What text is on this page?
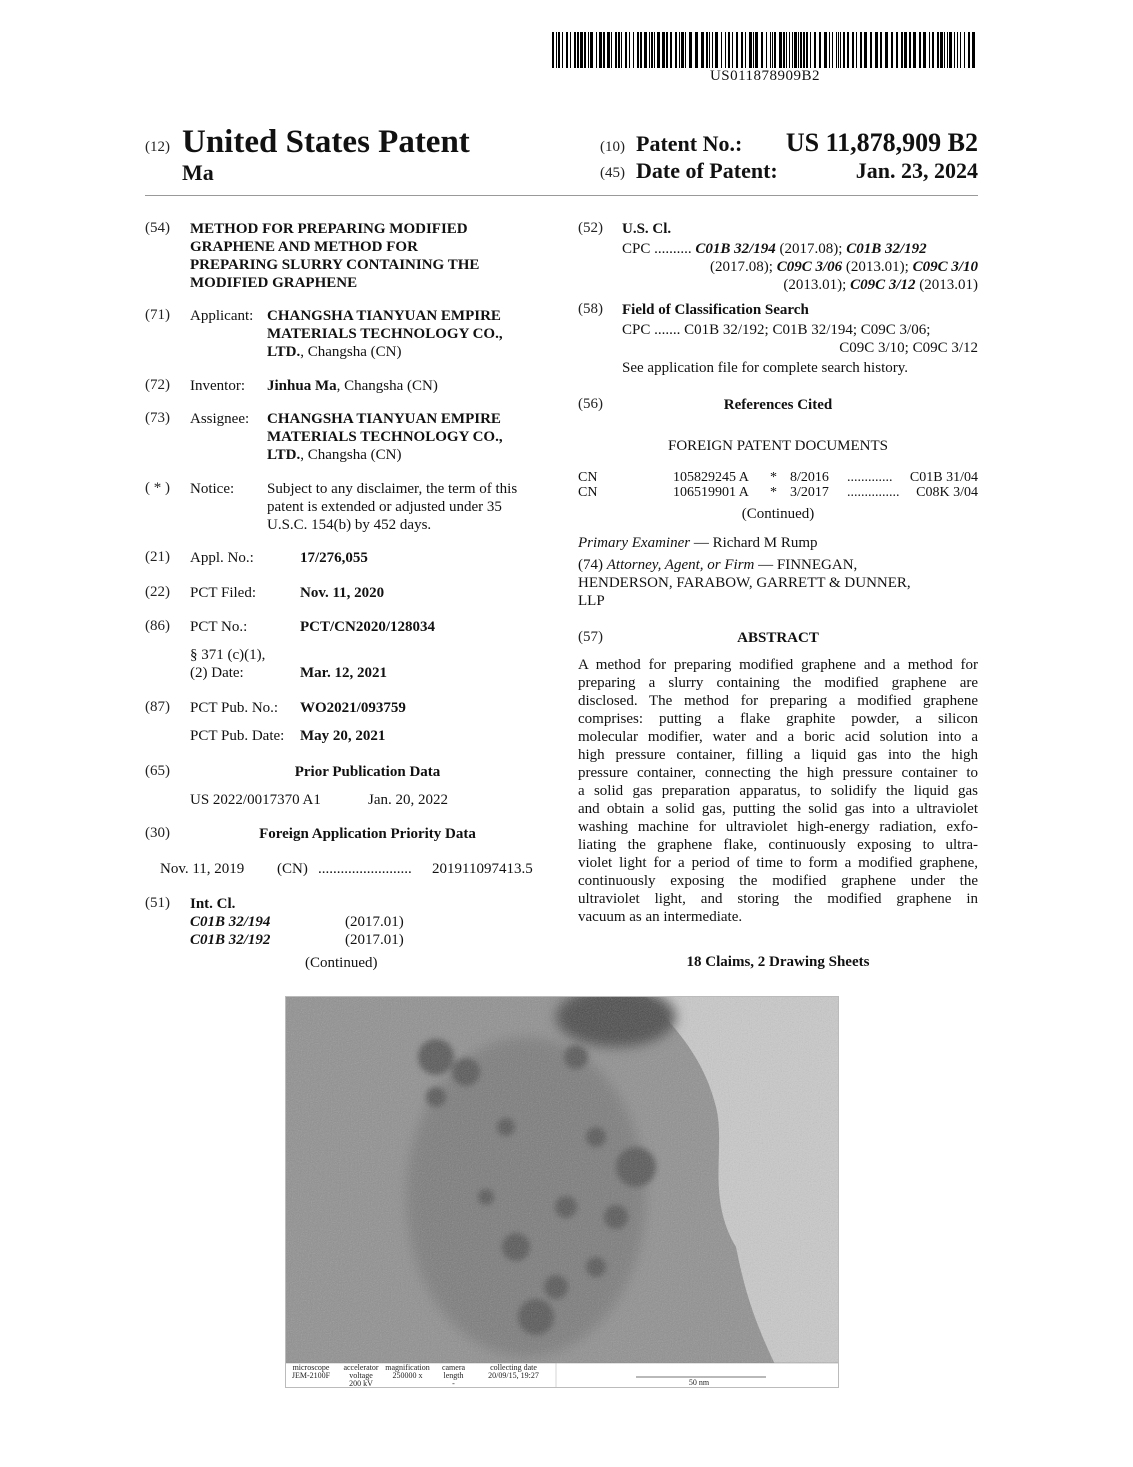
US011878909B2
(12) United States Patent
Ma
(10) Patent No.:	US 11,878,909 B2
(45) Date of Patent:	Jan. 23, 2024
(54) METHOD FOR PREPARING MODIFIED
GRAPHENE AND METHOD FOR
PREPARING SLURRY CONTAINING THE
MODIFIED GRAPHENE
(71) Applicant: CHANGSHA TIANYUAN EMPIRE
MATERIALS TECHNOLOGY CO.,
LTD., Changsha (CN)
(72) Inventor: Jinhua Ma, Changsha (CN)
(73) Assignee: CHANGSHA TIANYUAN EMPIRE
MATERIALS TECHNOLOGY CO.,
LTD., Changsha (CN)
( * ) Notice: Subject to any disclaimer, the term of this
patent is extended or adjusted under 35
U.S.C. 154(b) by 452 days.
(21) Appl. No.:	17/276,055
(22) PCT Filed:	Nov. 11, 2020
(86) PCT No.:	PCT/CN2020/128034
§ 371 (c)(1),
(2) Date:	Mar. 12, 2021
(87) PCT Pub. No.: WO2021/093759
PCT Pub. Date: May 20, 2021
(65)	Prior Publication Data
US 2022/0017370 A1	Jan. 20, 2022
(30)	Foreign Application Priority Data
Nov. 11, 2019 (CN) ......................... 201911097413.5
(51) Int. Cl.
C01B 32/194	(2017.01)
C01B 32/192	(2017.01)
(Continued)
(52) U.S. Cl.
CPC .......... C01B 32/194 (2017.08); C01B 32/192
(2017.08); C09C 3/06 (2013.01); C09C 3/10
(2013.01); C09C 3/12 (2013.01)
(58) Field of Classification Search
CPC ....... C01B 32/192; C01B 32/194; C09C 3/06;
C09C 3/10; C09C 3/12
See application file for complete search history.
(56)	References Cited
FOREIGN PATENT DOCUMENTS
CN	105829245 A * 8/2016 .............	C01B 31/04
CN	106519901 A * 3/2017 ...............	C08K 3/04
(Continued)
Primary Examiner — Richard M Rump
(74) Attorney, Agent, or Firm — FINNEGAN,
HENDERSON, FARABOW, GARRETT & DUNNER,
LLP
(57)	ABSTRACT
A method for preparing modified graphene and a method for
preparing a slurry containing the modified graphene are
disclosed. The method for preparing a modified graphene
comprises: putting a flake graphite powder, a silicon
molecular modifier, water and a boric acid solution into a
high pressure container, filling a liquid gas into the high
pressure container, connecting the high pressure container to
a solid gas preparation apparatus, to solidify the liquid gas
and obtain a solid gas, putting the solid gas into a ultraviolet
washing machine for ultraviolet high-energy radiation, exfo-
liating the graphene flake, continuously exposing to ultra-
violet light for a period of time to form a modified graphene,
continuously exposing the modified graphene under the
ultraviolet light, and storing the modified graphene in
vacuum as an intermediate.
18 Claims, 2 Drawing Sheets
microscope
JEM-2100F
accelerator
voltage
200 kV
magnification
250000 x
camera
length
-
collecting date
20/09/15, 19:27
50 nm
